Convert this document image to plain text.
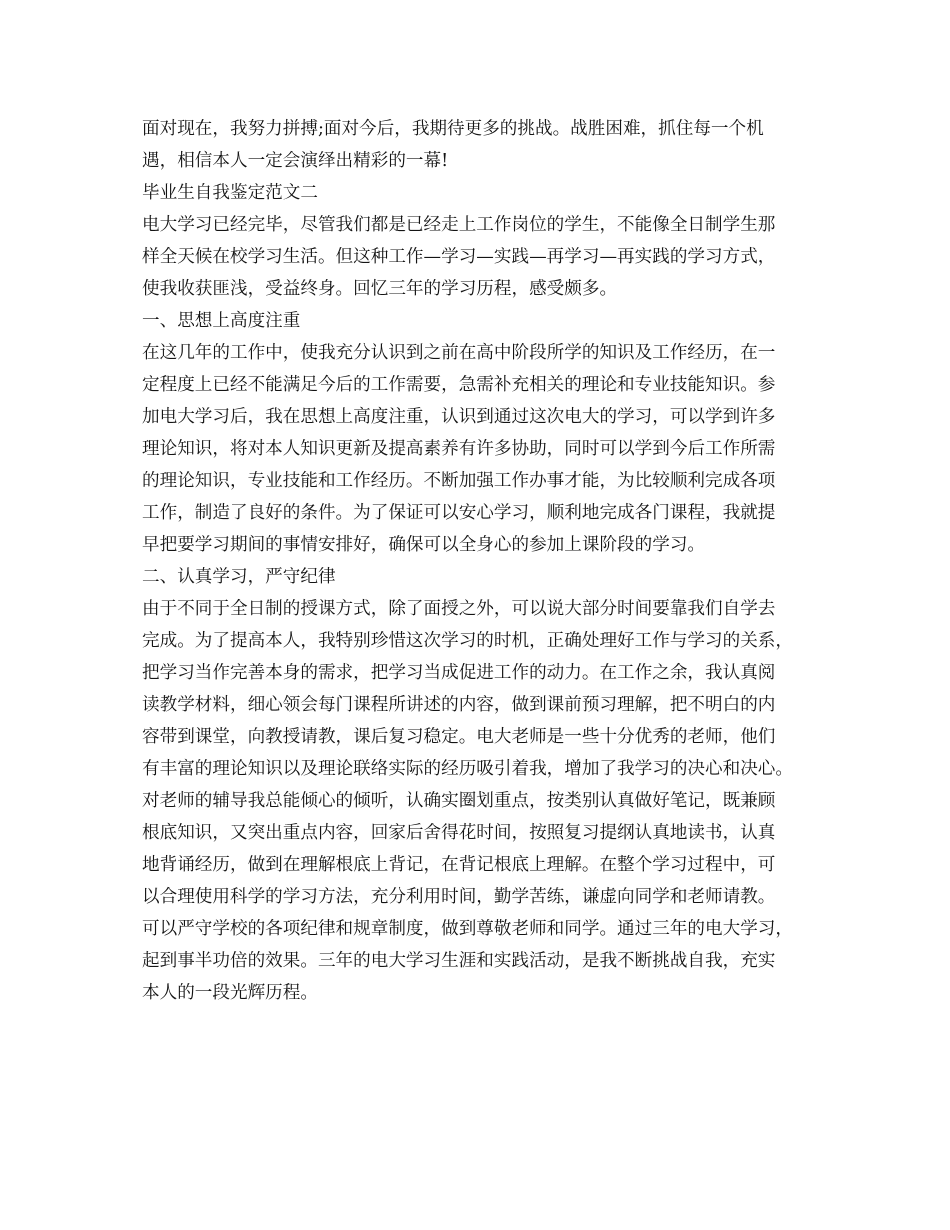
面对现在，我努力拼搏;面对今后，我期待更多的挑战。战胜困难，抓住每一个机
遇，相信本人一定会演绎出精彩的一幕!
毕业生自我鉴定范文二
电大学习已经完毕，尽管我们都是已经走上工作岗位的学生，不能像全日制学生那
样全天候在校学习生活。但这种工作—学习—实践—再学习—再实践的学习方式，
使我收获匪浅，受益终身。回忆三年的学习历程，感受颇多。
一、思想上高度注重
在这几年的工作中，使我充分认识到之前在高中阶段所学的知识及工作经历，在一
定程度上已经不能满足今后的工作需要，急需补充相关的理论和专业技能知识。参
加电大学习后，我在思想上高度注重，认识到通过这次电大的学习，可以学到许多
理论知识，将对本人知识更新及提高素养有许多协助，同时可以学到今后工作所需
的理论知识，专业技能和工作经历。不断加强工作办事才能，为比较顺利完成各项
工作，制造了良好的条件。为了保证可以安心学习，顺利地完成各门课程，我就提
早把要学习期间的事情安排好，确保可以全身心的参加上课阶段的学习。
二、认真学习，严守纪律
由于不同于全日制的授课方式，除了面授之外，可以说大部分时间要靠我们自学去
完成。为了提高本人，我特别珍惜这次学习的时机，正确处理好工作与学习的关系，
把学习当作完善本身的需求，把学习当成促进工作的动力。在工作之余，我认真阅
读教学材料，细心领会每门课程所讲述的内容，做到课前预习理解，把不明白的内
容带到课堂，向教授请教，课后复习稳定。电大老师是一些十分优秀的老师，他们
有丰富的理论知识以及理论联络实际的经历吸引着我，增加了我学习的决心和决心。
对老师的辅导我总能倾心的倾听，认确实圈划重点，按类别认真做好笔记，既兼顾
根底知识，又突出重点内容，回家后舍得花时间，按照复习提纲认真地读书，认真
地背诵经历，做到在理解根底上背记，在背记根底上理解。在整个学习过程中，可
以合理使用科学的学习方法，充分利用时间，勤学苦练，谦虚向同学和老师请教。
可以严守学校的各项纪律和规章制度，做到尊敬老师和同学。通过三年的电大学习，
起到事半功倍的效果。三年的电大学习生涯和实践活动，是我不断挑战自我，充实
本人的一段光辉历程。
